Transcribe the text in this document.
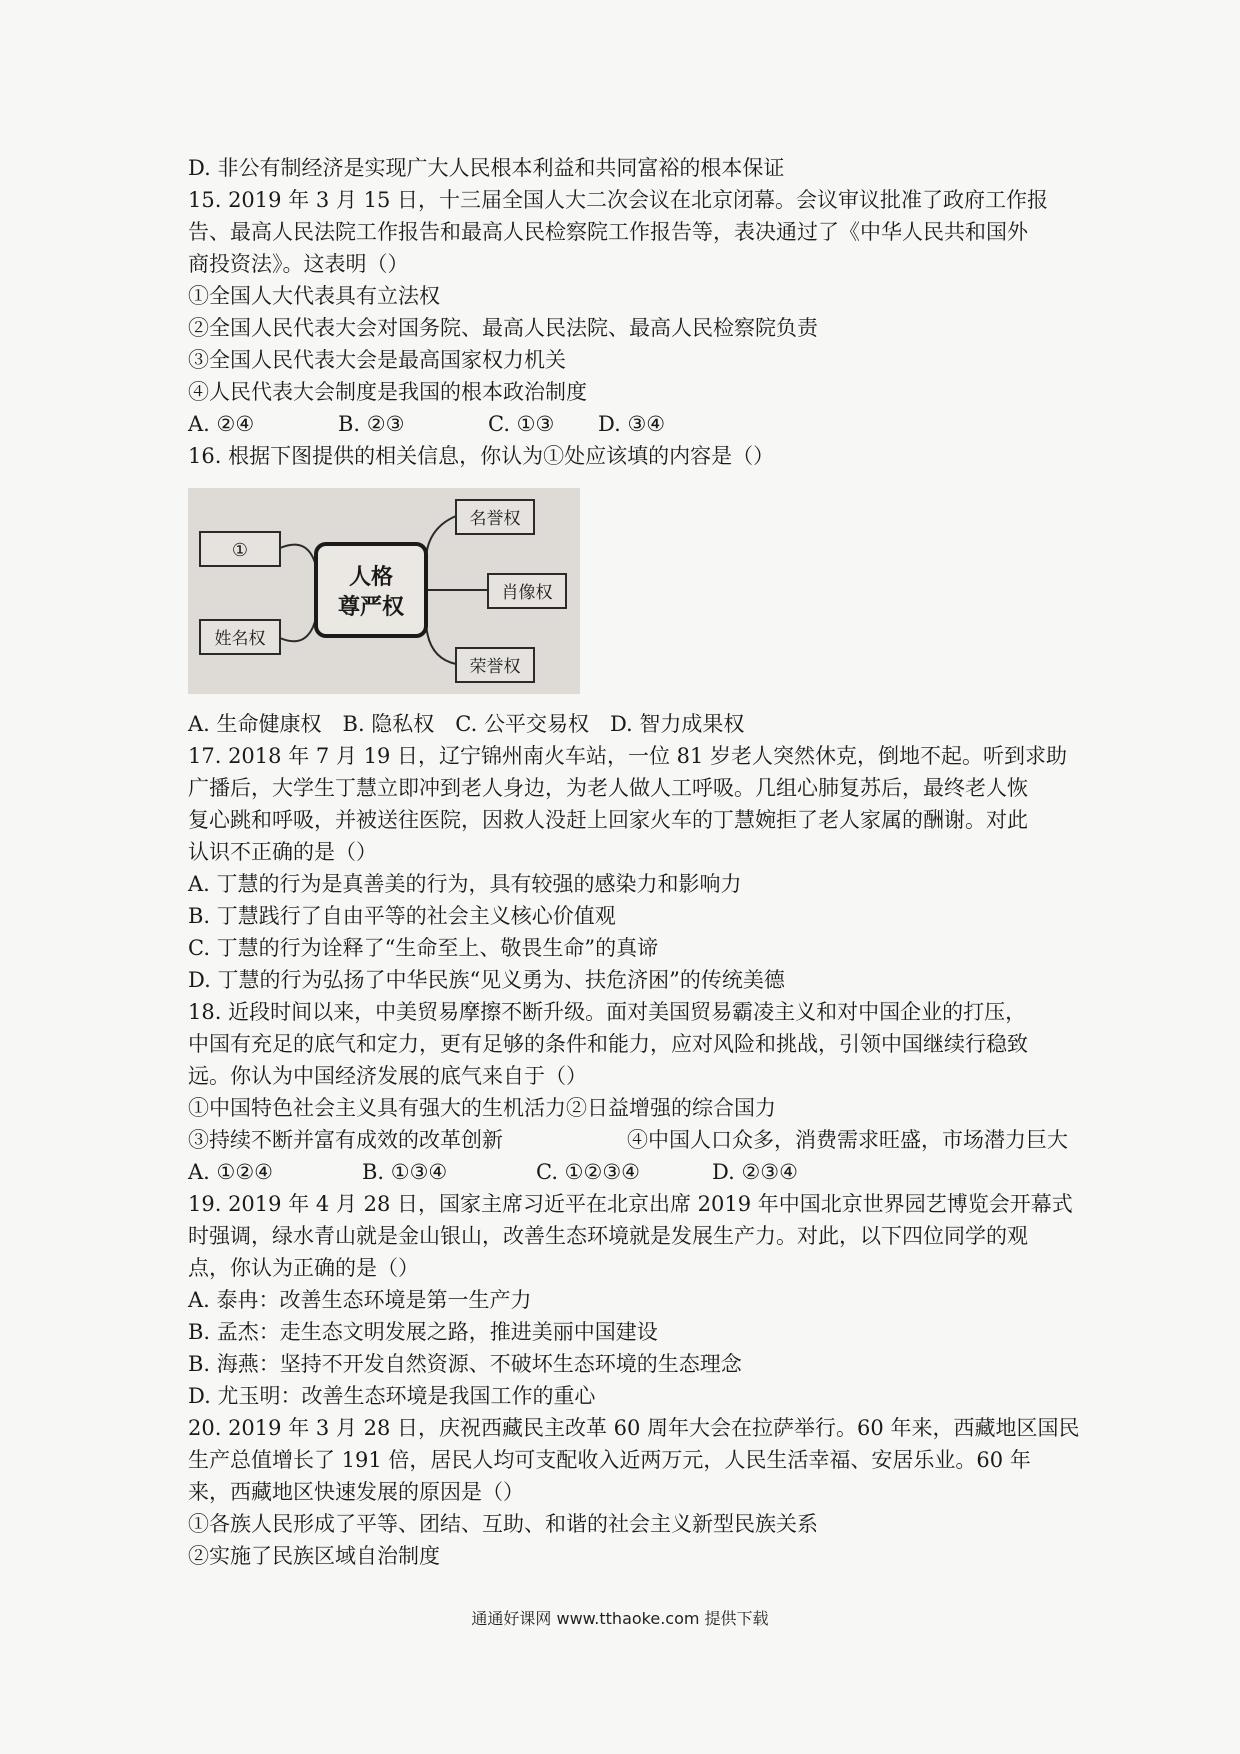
D. 非公有制经济是实现广大人民根本利益和共同富裕的根本保证
15. 2019 年 3 月 15 日，十三届全国人大二次会议在北京闭幕。会议审议批准了政府工作报
告、最高人民法院工作报告和最高人民检察院工作报告等，表决通过了《中华人民共和国外
商投资法》。这表明（）
①全国人大代表具有立法权
②全国人民代表大会对国务院、最高人民法院、最高人民检察院负责
③全国人民代表大会是最高国家权力机关
④人民代表大会制度是我国的根本政治制度
A. ②④	B. ②③	C. ①③ D. ③④
16. 根据下图提供的相关信息，你认为①处应该填的内容是（）
人格
尊严权
①
姓名权
名誉权
肖像权
荣誉权
A. 生命健康权　B. 隐私权　C. 公平交易权　D. 智力成果权
17. 2018 年 7 月 19 日，辽宁锦州南火车站，一位 81 岁老人突然休克，倒地不起。听到求助
广播后，大学生丁慧立即冲到老人身边，为老人做人工呼吸。几组心肺复苏后，最终老人恢
复心跳和呼吸，并被送往医院，因救人没赶上回家火车的丁慧婉拒了老人家属的酬谢。对此
认识不正确的是（）
A. 丁慧的行为是真善美的行为，具有较强的感染力和影响力
B. 丁慧践行了自由平等的社会主义核心价值观
C. 丁慧的行为诠释了“生命至上、敬畏生命”的真谛
D. 丁慧的行为弘扬了中华民族“见义勇为、扶危济困”的传统美德
18. 近段时间以来，中美贸易摩擦不断升级。面对美国贸易霸凌主义和对中国企业的打压，
中国有充足的底气和定力，更有足够的条件和能力，应对风险和挑战，引领中国继续行稳致
远。你认为中国经济发展的底气来自于（）
①中国特色社会主义具有强大的生机活力②日益增强的综合国力
③持续不断并富有成效的改革创新	④中国人口众多，消费需求旺盛，市场潜力巨大
A. ①②④	B. ①③④	C. ①②③④	D. ②③④
19. 2019 年 4 月 28 日，国家主席习近平在北京出席 2019 年中国北京世界园艺博览会开幕式
时强调，绿水青山就是金山银山，改善生态环境就是发展生产力。对此，以下四位同学的观
点，你认为正确的是（）
A. 泰冉：改善生态环境是第一生产力
B. 孟杰：走生态文明发展之路，推进美丽中国建设
B. 海燕：坚持不开发自然资源、不破坏生态环境的生态理念
D. 尤玉明：改善生态环境是我国工作的重心
20. 2019 年 3 月 28 日，庆祝西藏民主改革 60 周年大会在拉萨举行。60 年来，西藏地区国民
生产总值增长了 191 倍，居民人均可支配收入近两万元，人民生活幸福、安居乐业。60 年
来，西藏地区快速发展的原因是（）
①各族人民形成了平等、团结、互助、和谐的社会主义新型民族关系
②实施了民族区域自治制度
通通好课网 www.tthaoke.com 提供下载
